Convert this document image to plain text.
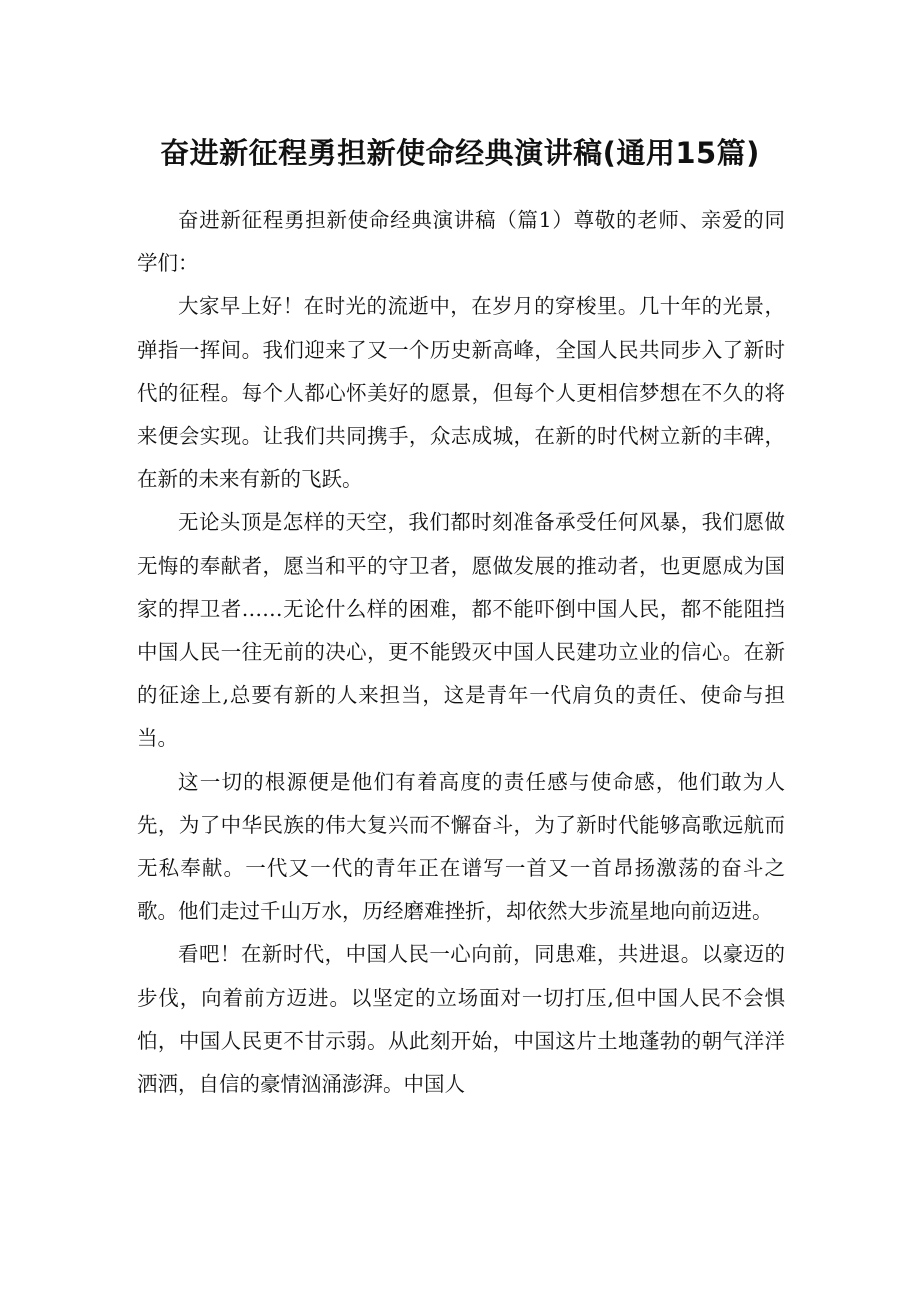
奋进新征程勇担新使命经典演讲稿(通用15篇)

奋进新征程勇担新使命经典演讲稿（篇1）尊敬的老师、亲爱的同学们：

大家早上好！在时光的流逝中，在岁月的穿梭里。几十年的光景，弹指一挥间。我们迎来了又一个历史新高峰，全国人民共同步入了新时代的征程。每个人都心怀美好的愿景，但每个人更相信梦想在不久的将来便会实现。让我们共同携手，众志成城，在新的时代树立新的丰碑，在新的未来有新的飞跃。

无论头顶是怎样的天空，我们都时刻准备承受任何风暴，我们愿做无悔的奉献者，愿当和平的守卫者，愿做发展的推动者，也更愿成为国家的捍卫者……无论什么样的困难，都不能吓倒中国人民，都不能阻挡中国人民一往无前的决心，更不能毁灭中国人民建功立业的信心。在新的征途上,总要有新的人来担当，这是青年一代肩负的责任、使命与担当。

这一切的根源便是他们有着高度的责任感与使命感，他们敢为人先，为了中华民族的伟大复兴而不懈奋斗，为了新时代能够高歌远航而无私奉献。一代又一代的青年正在谱写一首又一首昂扬激荡的奋斗之歌。他们走过千山万水，历经磨难挫折，却依然大步流星地向前迈进。

看吧！在新时代，中国人民一心向前，同患难，共进退。以豪迈的步伐，向着前方迈进。以坚定的立场面对一切打压,但中国人民不会惧怕，中国人民更不甘示弱。从此刻开始，中国这片土地蓬勃的朝气洋洋洒洒，自信的豪情汹涌澎湃。中国人
